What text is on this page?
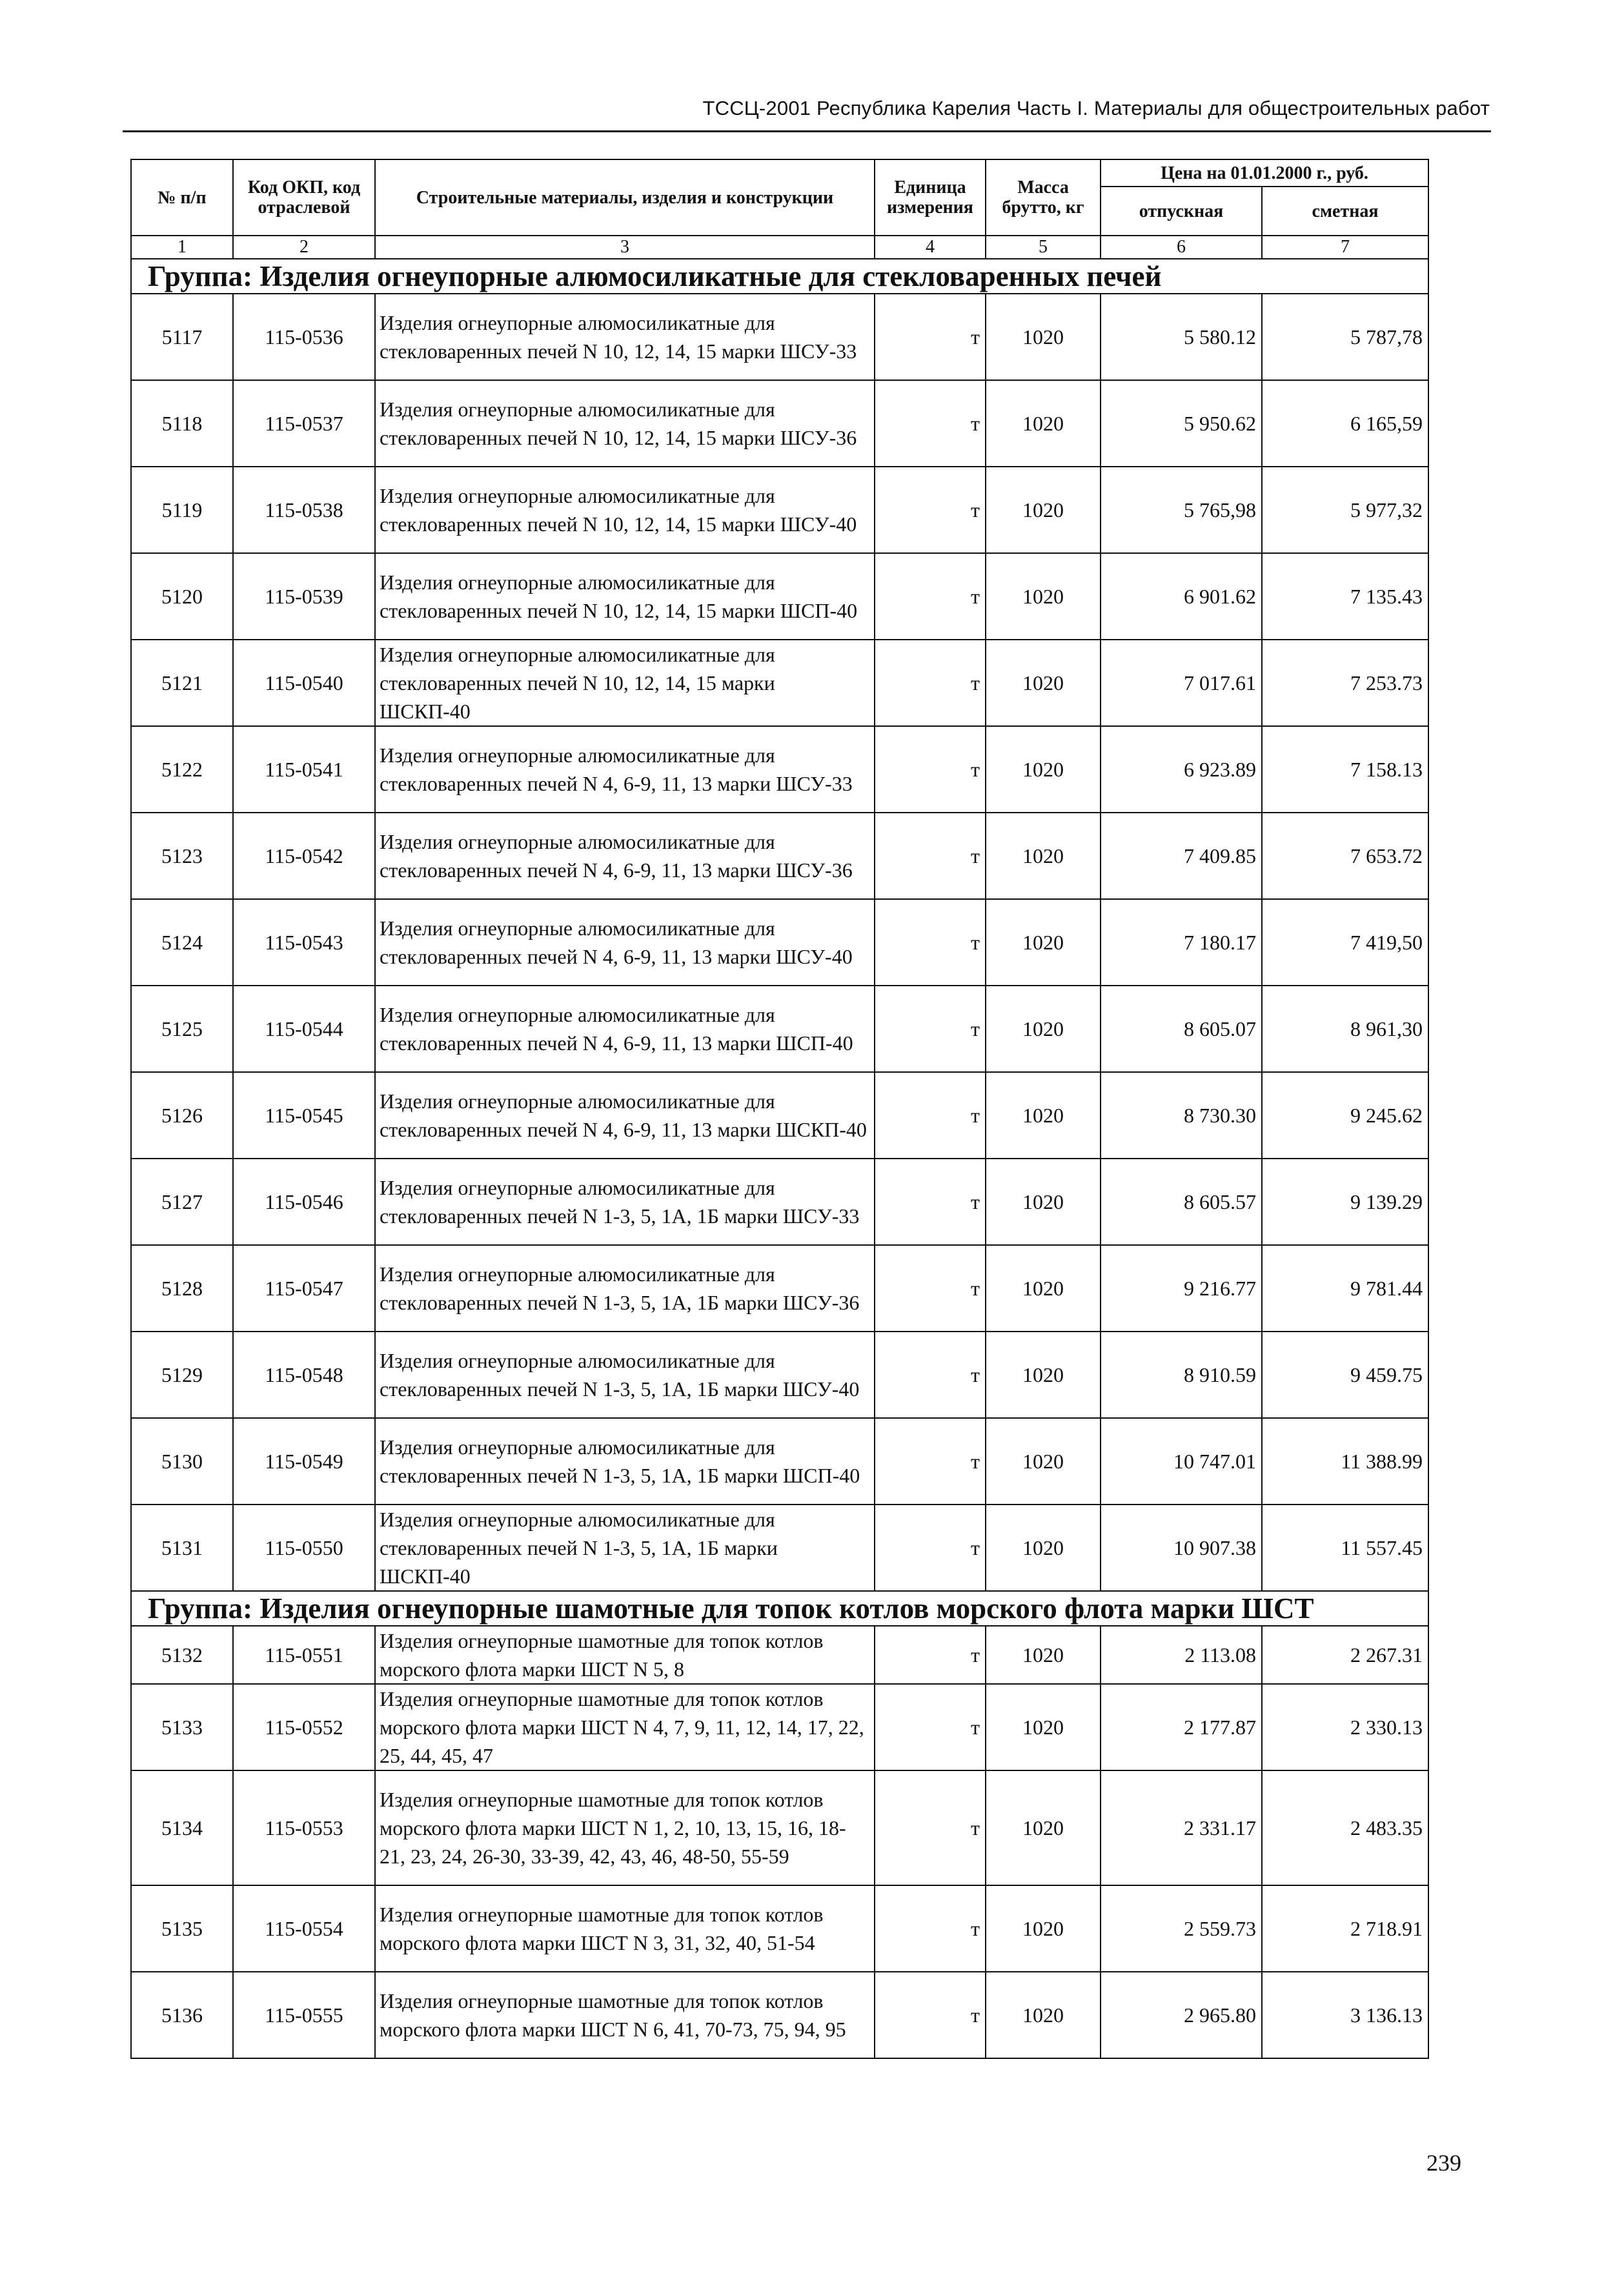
ТССЦ-2001 Республика Карелия Часть I. Материалы для общестроительных работ
№ п/п	Код ОКП, код отраслевой	Строительные материалы, изделия и конструкции	Единица измерения	Масса брутто, кг	Цена на 01.01.2000 г., руб.	
					отпускная	сметная
1	2	3	4	5	6	7
Группа: Изделия огнеупорные алюмосиликатные для стекловаренных печей						
5117	115-0536	Изделия огнеупорные алюмосиликатные для стекловаренных печей N 10, 12, 14, 15 марки ШСУ-33	т	1020	5 580.12	5 787,78
5118	115-0537	Изделия огнеупорные алюмосиликатные для стекловаренных печей N 10, 12, 14, 15 марки ШСУ-36	т	1020	5 950.62	6 165,59
5119	115-0538	Изделия огнеупорные алюмосиликатные для стекловаренных печей N 10, 12, 14, 15 марки ШСУ-40	т	1020	5 765,98	5 977,32
5120	115-0539	Изделия огнеупорные алюмосиликатные для стекловаренных печей N 10, 12, 14, 15 марки ШСП-40	т	1020	6 901.62	7 135.43
5121	115-0540	Изделия огнеупорные алюмосиликатные для стекловаренных печей N 10, 12, 14, 15 марки ШСКП-40	т	1020	7 017.61	7 253.73
5122	115-0541	Изделия огнеупорные алюмосиликатные для стекловаренных печей N 4, 6-9, 11, 13 марки ШСУ-33	т	1020	6 923.89	7 158.13
5123	115-0542	Изделия огнеупорные алюмосиликатные для стекловаренных печей N 4, 6-9, 11, 13 марки ШСУ-36	т	1020	7 409.85	7 653.72
5124	115-0543	Изделия огнеупорные алюмосиликатные для стекловаренных печей N 4, 6-9, 11, 13 марки ШСУ-40	т	1020	7 180.17	7 419,50
5125	115-0544	Изделия огнеупорные алюмосиликатные для стекловаренных печей N 4, 6-9, 11, 13 марки ШСП-40	т	1020	8 605.07	8 961,30
5126	115-0545	Изделия огнеупорные алюмосиликатные для стекловаренных печей N 4, 6-9, 11, 13 марки ШСКП-40	т	1020	8 730.30	9 245.62
5127	115-0546	Изделия огнеупорные алюмосиликатные для стекловаренных печей N 1-3, 5, 1А, 1Б марки ШСУ-33	т	1020	8 605.57	9 139.29
5128	115-0547	Изделия огнеупорные алюмосиликатные для стекловаренных печей N 1-3, 5, 1А, 1Б марки ШСУ-36	т	1020	9 216.77	9 781.44
5129	115-0548	Изделия огнеупорные алюмосиликатные для стекловаренных печей N 1-3, 5, 1А, 1Б марки ШСУ-40	т	1020	8 910.59	9 459.75
5130	115-0549	Изделия огнеупорные алюмосиликатные для стекловаренных печей N 1-3, 5, 1А, 1Б марки ШСП-40	т	1020	10 747.01	11 388.99
5131	115-0550	Изделия огнеупорные алюмосиликатные для стекловаренных печей N 1-3, 5, 1А, 1Б марки ШСКП-40	т	1020	10 907.38	11 557.45
Группа: Изделия огнеупорные шамотные для топок котлов морского флота марки ШСТ						
5132	115-0551	Изделия огнеупорные шамотные для топок котлов морского флота марки ШСТ N 5, 8	т	1020	2 113.08	2 267.31
5133	115-0552	Изделия огнеупорные шамотные для топок котлов морского флота марки ШСТ N 4, 7, 9, 11, 12, 14, 17, 22, 25, 44, 45, 47	т	1020	2 177.87	2 330.13
5134	115-0553	Изделия огнеупорные шамотные для топок котлов морского флота марки ШСТ N 1, 2, 10, 13, 15, 16, 18-21, 23, 24, 26-30, 33-39, 42, 43, 46, 48-50, 55-59	т	1020	2 331.17	2 483.35
5135	115-0554	Изделия огнеупорные шамотные для топок котлов морского флота марки ШСТ N 3, 31, 32, 40, 51-54	т	1020	2 559.73	2 718.91
5136	115-0555	Изделия огнеупорные шамотные для топок котлов морского флота марки ШСТ N 6, 41, 70-73, 75, 94, 95	т	1020	2 965.80	3 136.13
239
